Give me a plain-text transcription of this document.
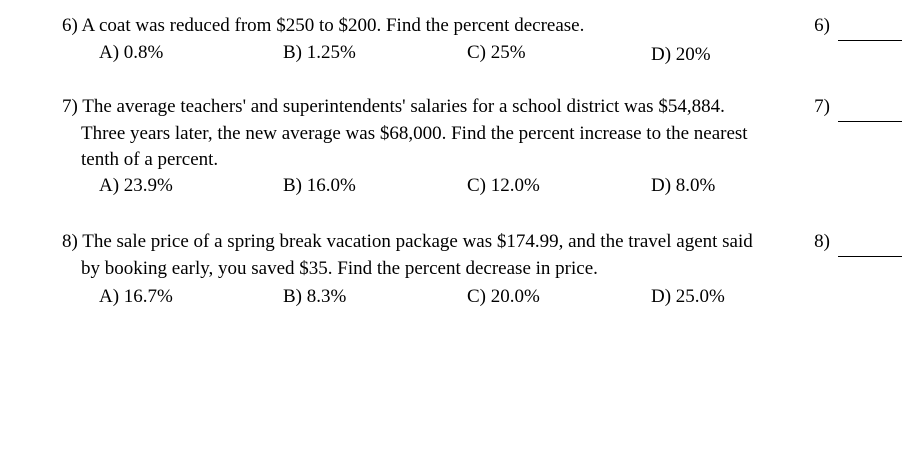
6) A coat was reduced from $250 to $200. Find the percent decrease.
A) 0.8%	B) 1.25%	C) 25%	D) 20%
6)
7) The average teachers' and superintendents' salaries for a school district was $54,884.
Three years later, the new average was $68,000. Find the percent increase to the nearest
tenth of a percent.
A) 23.9%	B) 16.0%	C) 12.0%	D) 8.0%
7)
8) The sale price of a spring break vacation package was $174.99, and the travel agent said
by booking early, you saved $35. Find the percent decrease in price.
A) 16.7%	B) 8.3%	C) 20.0%	D) 25.0%
8)
